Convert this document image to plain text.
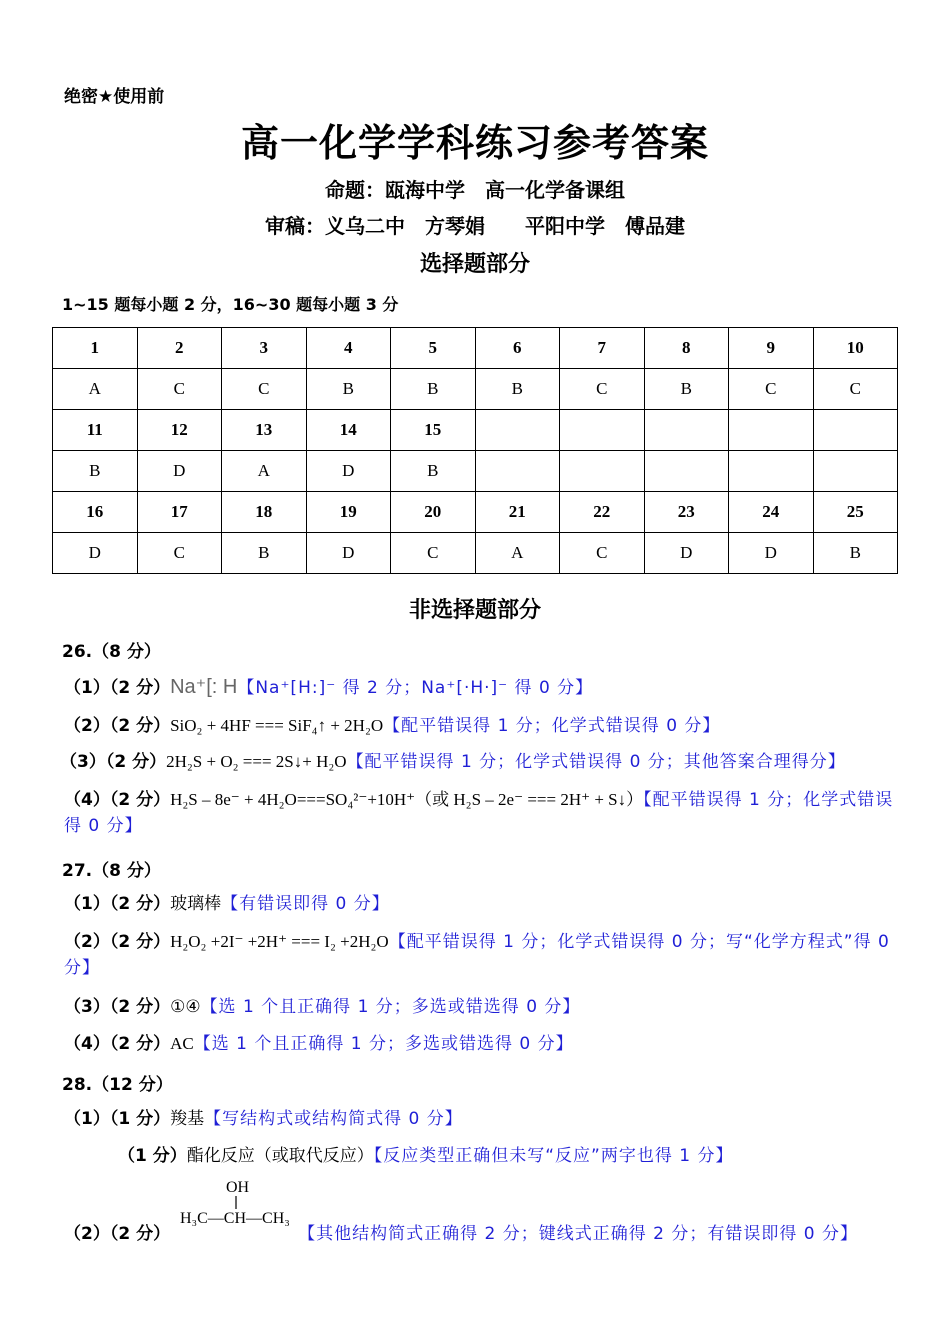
绝密★使用前
高一化学学科练习参考答案
命题：瓯海中学　高一化学备课组
审稿：义乌二中　方琴娟　　平阳中学　傅品建
选择题部分
1~15 题每小题 2 分，16~30 题每小题 3 分
1	2	3	4	5	6	7	8	9	10
A	C	C	B	B	B	C	B	C	C
11	12	13	14	15					
B	D	A	D	B					
16	17	18	19	20	21	22	23	24	25
D	C	B	D	C	A	C	D	D	B
非选择题部分
26.（8 分）
（1）（2 分）Na⁺[: H【Na⁺[H:]⁻ 得 2 分；Na⁺[·H·]⁻ 得 0 分】
（2）（2 分）SiO₂ + 4HF === SiF₄↑ + 2H₂O【配平错误得 1 分；化学式错误得 0 分】
（3）（2 分）2H₂S + O₂ === 2S↓+ H₂O【配平错误得 1 分；化学式错误得 0 分；其他答案合理得分】
（4）（2 分）H₂S – 8e⁻ + 4H₂O===SO₄²⁻+10H⁺（或 H₂S – 2e⁻ === 2H⁺ + S↓）【配平错误得 1 分；化学式错误得 0 分】
27.（8 分）
（1）（2 分）玻璃棒【有错误即得 0 分】
（2）（2 分）H₂O₂ +2I⁻ +2H⁺ === I₂ +2H₂O【配平错误得 1 分；化学式错误得 0 分；写“化学方程式”得 0 分】
（3）（2 分）①④【选 1 个且正确得 1 分；多选或错选得 0 分】
（4）（2 分）AC【选 1 个且正确得 1 分；多选或错选得 0 分】
28.（12 分）
（1）（1 分）羧基【写结构式或结构简式得 0 分】
（1 分）酯化反应（或取代反应）【反应类型正确但未写“反应”两字也得 1 分】
OH
H₃C—CH—CH₃
（2）（2 分）	【其他结构简式正确得 2 分；键线式正确得 2 分；有错误即得 0 分】
